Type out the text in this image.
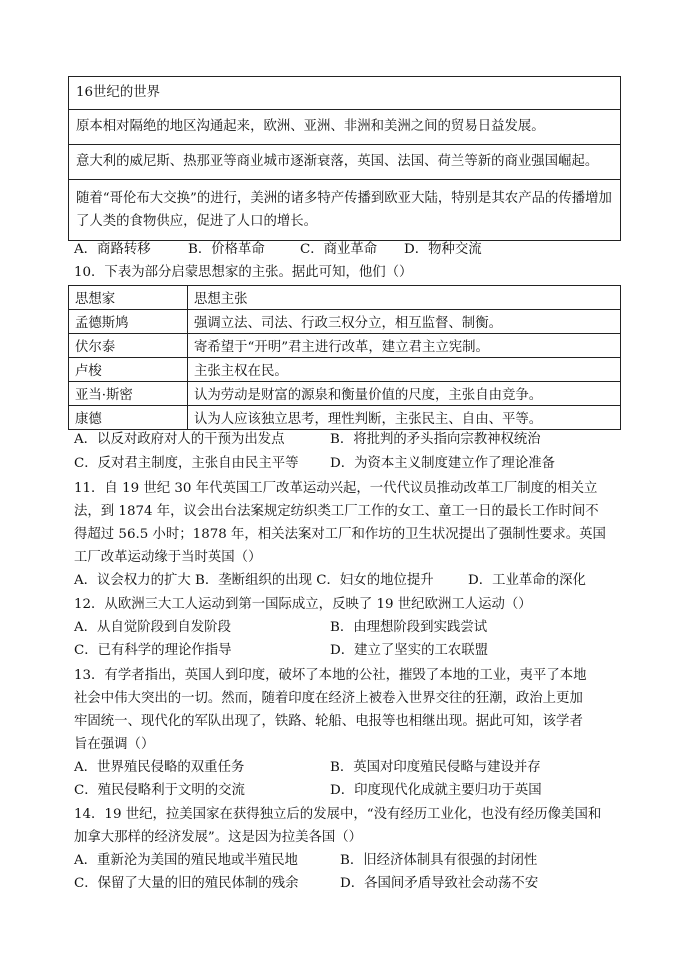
16世纪的世界
原本相对隔绝的地区沟通起来，欧洲、亚洲、非洲和美洲之间的贸易日益发展。
意大利的威尼斯、热那亚等商业城市逐渐衰落，英国、法国、荷兰等新的商业强国崛起。
随着“哥伦布大交换”的进行，美洲的诸多特产传播到欧亚大陆，特别是其农产品的传播增加了人类的食物供应，促进了人口的增长。
A．商路转移	B．价格革命	C．商业革命 D．物种交流
10．下表为部分启蒙思想家的主张。据此可知，他们（）
思想家	思想主张
孟德斯鸠	强调立法、司法、行政三权分立，相互监督、制衡。
伏尔泰	寄希望于“开明”君主进行改革，建立君主立宪制。
卢梭	主张主权在民。
亚当·斯密	认为劳动是财富的源泉和衡量价值的尺度，主张自由竞争。
康德	认为人应该独立思考，理性判断，主张民主、自由、平等。
A．以反对政府对人的干预为出发点	B．将批判的矛头指向宗教神权统治
C．反对君主制度，主张自由民主平等 D．为资本主义制度建立作了理论准备
11．自 19 世纪 30 年代英国工厂改革运动兴起，一代代议员推动改革工厂制度的相关立
法，到 1874 年，议会出台法案规定纺织类工厂工作的女工、童工一日的最长工作时间不
得超过 56.5 小时；1878 年，相关法案对工厂和作坊的卫生状况提出了强制性要求。英国
工厂改革运动缘于当时英国（）
A．议会权力的扩大 B．垄断组织的出现 C．妇女的地位提升	D．工业革命的深化
12．从欧洲三大工人运动到第一国际成立，反映了 19 世纪欧洲工人运动（）
A．从自觉阶段到自发阶段	B．由理想阶段到实践尝试
C．已有科学的理论作指导	D．建立了坚实的工农联盟
13．有学者指出，英国人到印度，破坏了本地的公社，摧毁了本地的工业，夷平了本地
社会中伟大突出的一切。然而，随着印度在经济上被卷入世界交往的狂潮，政治上更加
牢固统一、现代化的军队出现了，铁路、轮船、电报等也相继出现。据此可知，该学者
旨在强调（）
A．世界殖民侵略的双重任务	B．英国对印度殖民侵略与建设并存
C．殖民侵略利于文明的交流	D．印度现代化成就主要归功于英国
14．19 世纪，拉美国家在获得独立后的发展中，“没有经历工业化，也没有经历像美国和
加拿大那样的经济发展”。这是因为拉美各国（）
A．重新沦为美国的殖民地或半殖民地	B．旧经济体制具有很强的封闭性
C．保留了大量的旧的殖民体制的残余	D．各国间矛盾导致社会动荡不安
